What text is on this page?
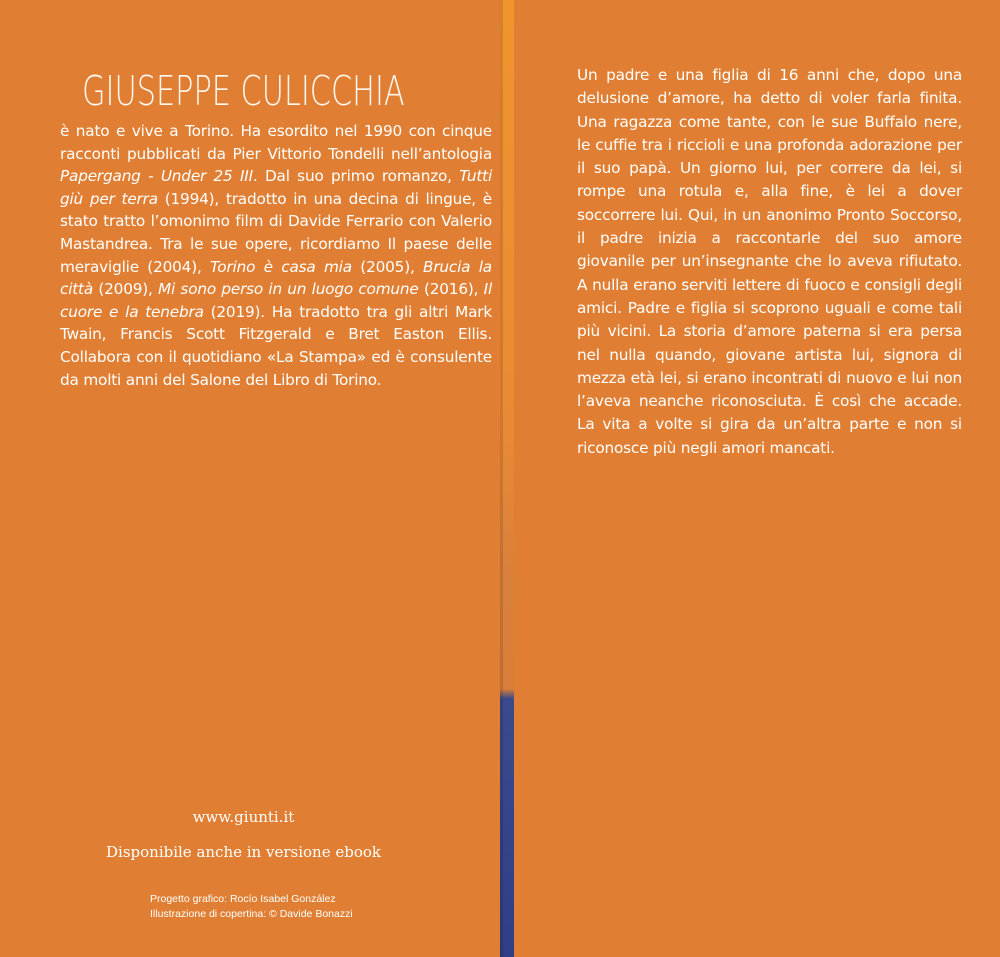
GIUSEPPE CULICCHIA
è nato e vive a Torino. Ha esordito nel 1990 con cinque racconti pubblicati da Pier Vittorio Tondelli nell’antologia Papergang - Under 25 III. Dal suo primo romanzo, Tutti giù per terra (1994), tradotto in una decina di lingue, è stato tratto l’omonimo film di Davide Ferrario con Valerio Mastandrea. Tra le sue opere, ricordiamo Il paese delle meraviglie (2004), Torino è casa mia (2005), Brucia la città (2009), Mi sono perso in un luogo comune (2016), Il cuore e la tenebra (2019). Ha tradotto tra gli altri Mark Twain, Francis Scott Fitzgerald e Bret Easton Ellis. Collabora con il quotidiano «La Stampa» ed è consulente da molti anni del Salone del Libro di Torino.
www.giunti.it
Disponibile anche in versione ebook
Progetto grafico: Rocío Isabel González
Illustrazione di copertina: © Davide Bonazzi
Un padre e una figlia di 16 anni che, dopo una delusione d’amore, ha detto di voler farla finita. Una ragazza come tante, con le sue Buffalo nere, le cuffie tra i riccioli e una profonda adorazione per il suo papà. Un giorno lui, per correre da lei, si rompe una rotula e, alla fine, è lei a dover soccorrere lui. Qui, in un anonimo Pronto Soccorso, il padre inizia a raccontarle del suo amore giovanile per un’insegnante che lo aveva rifiutato. A nulla erano serviti lettere di fuoco e consigli degli amici. Padre e figlia si scoprono uguali e come tali più vicini. La storia d’amore paterna si era persa nel nulla quando, giovane artista lui, signora di mezza età lei, si erano incontrati di nuovo e lui non l’aveva neanche riconosciuta. È così che accade. La vita a volte si gira da un’altra parte e non si riconosce più negli amori mancati.
